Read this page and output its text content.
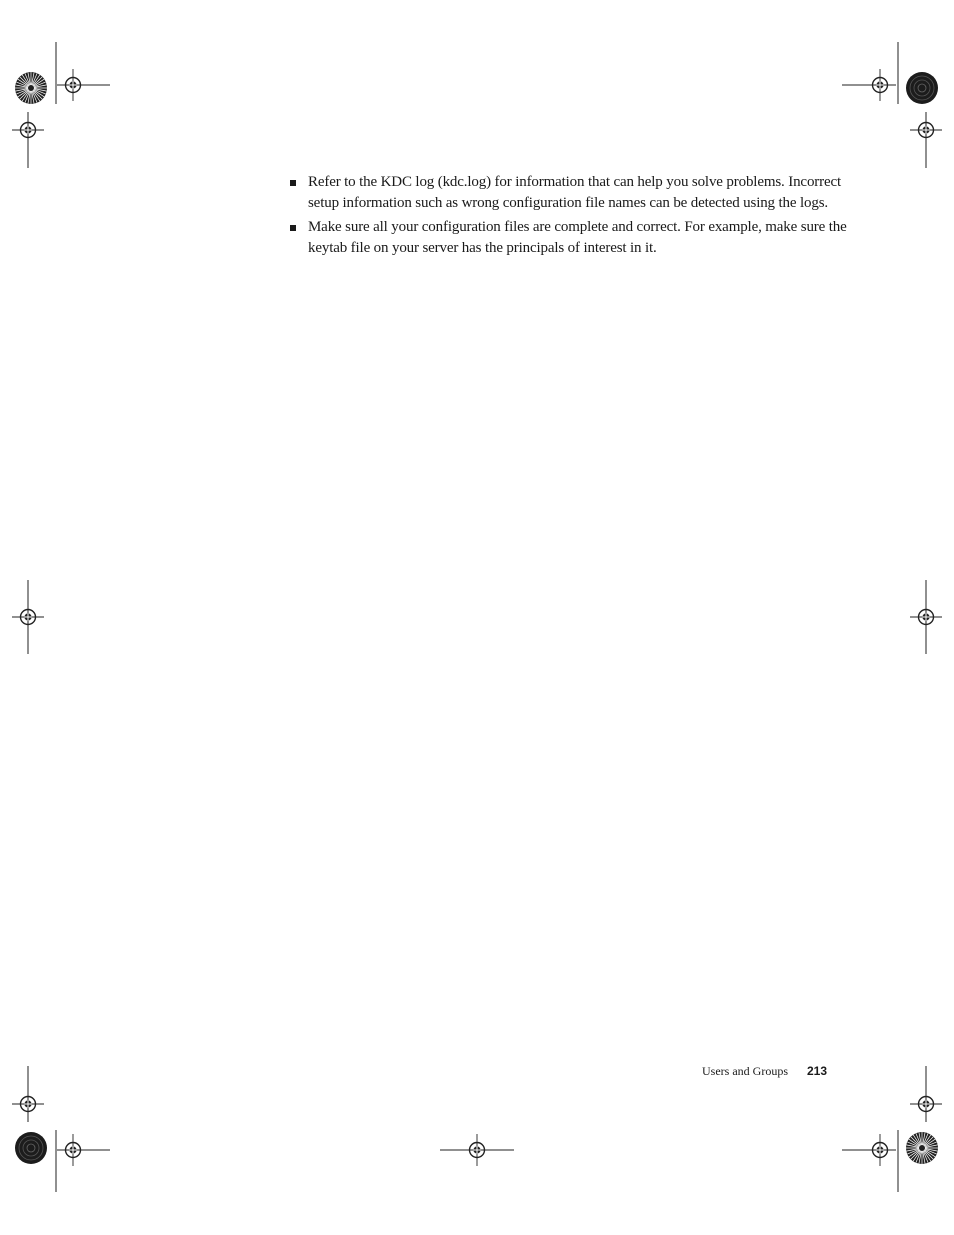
Refer to the KDC log (kdc.log) for information that can help you solve problems. Incorrect setup information such as wrong configuration file names can be detected using the logs.
Make sure all your configuration files are complete and correct. For example, make sure the keytab file on your server has the principals of interest in it.
Users and Groups 213
